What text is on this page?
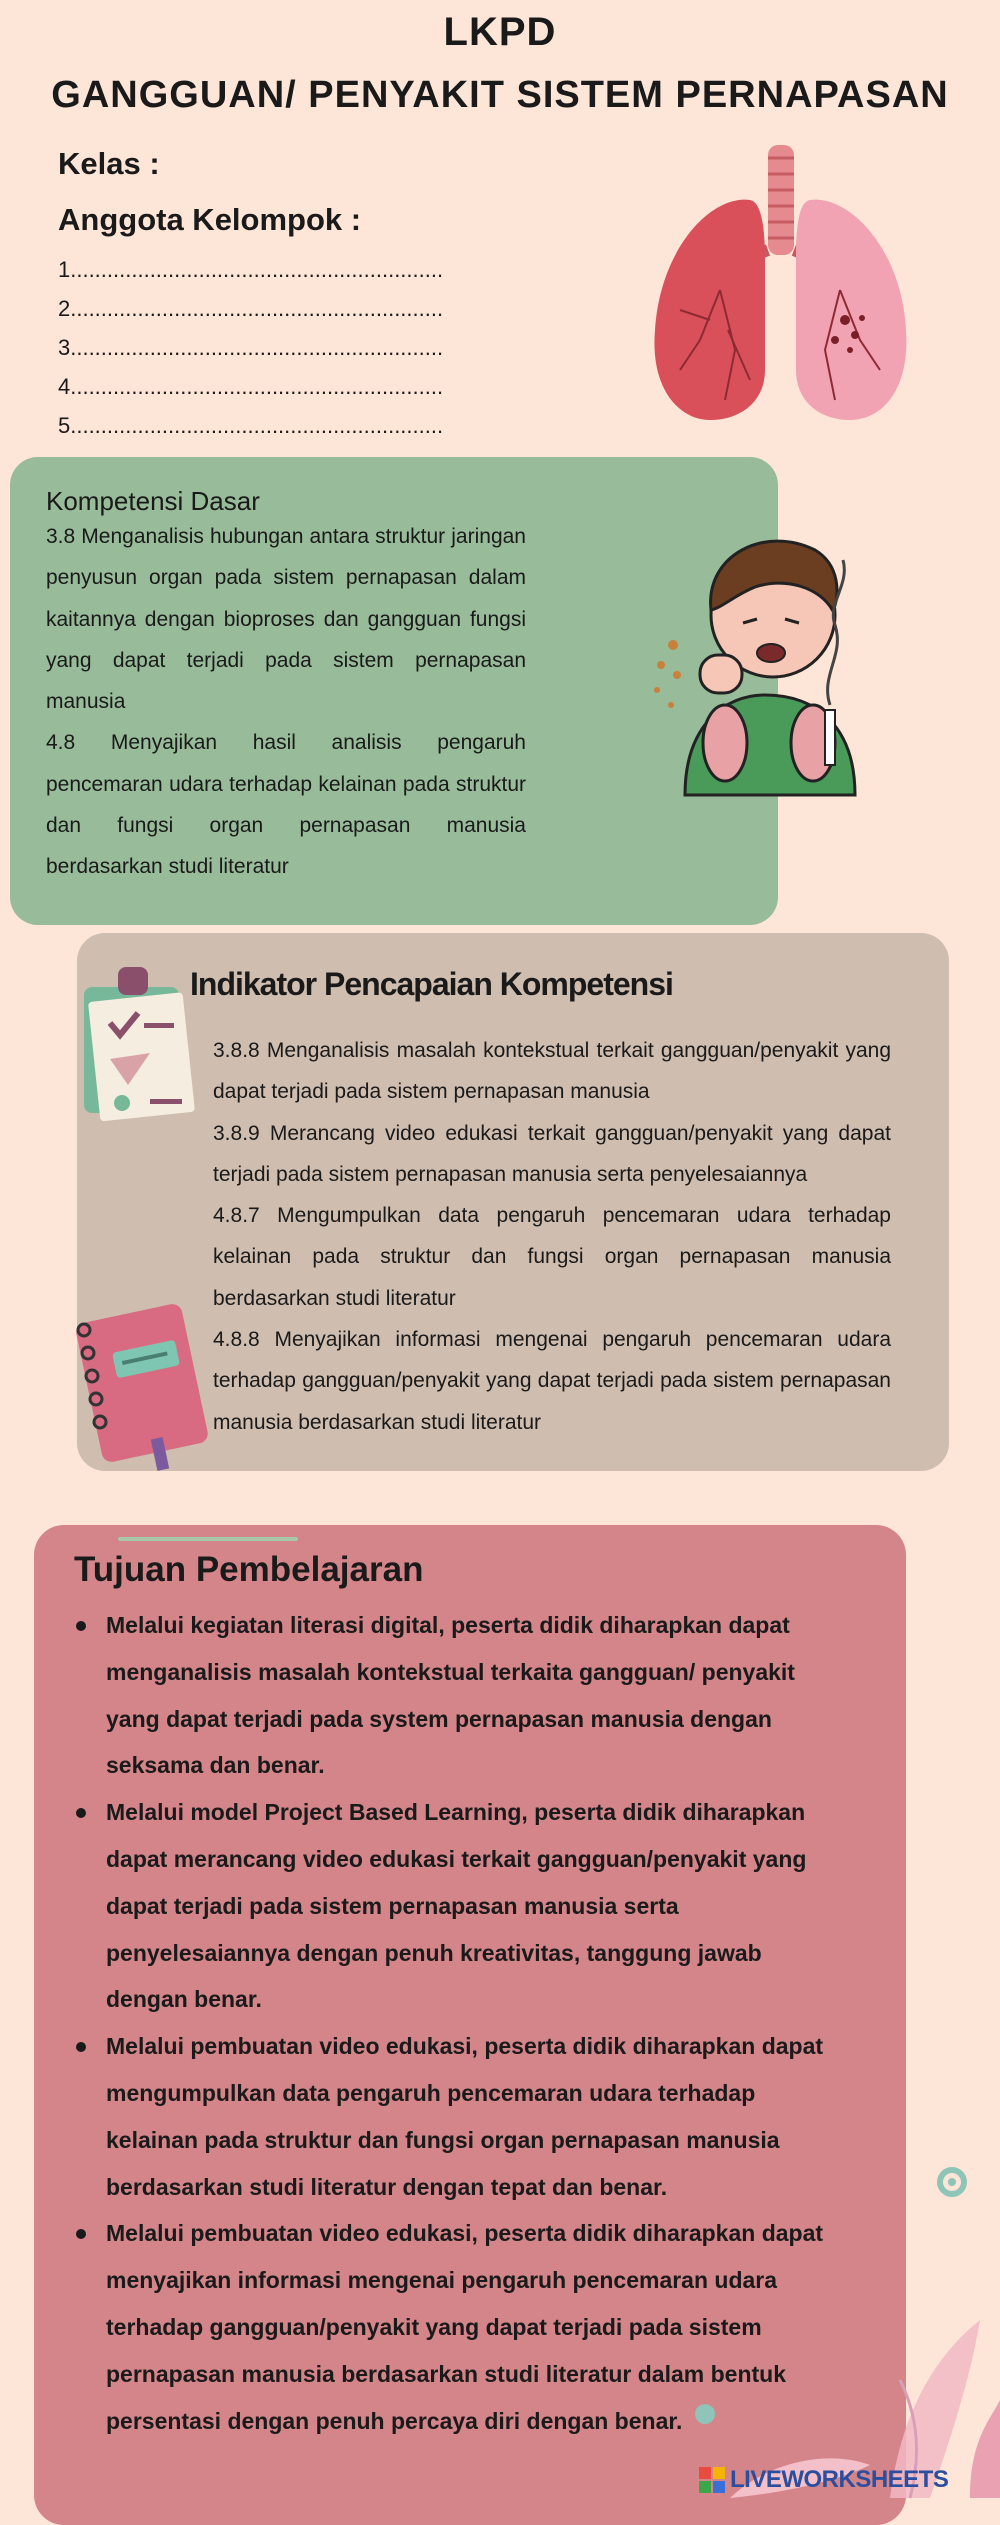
LKPD
GANGGUAN/ PENYAKIT SISTEM PERNAPASAN
Kelas :
Anggota Kelompok :
1.............................................................
2.............................................................
3.............................................................
4.............................................................
5.............................................................
Kompetensi Dasar

3.8 Menganalisis hubungan antara struktur jaringan penyusun organ pada sistem pernapasan dalam kaitannya dengan bioproses dan gangguan fungsi yang dapat terjadi pada sistem pernapasan manusia

4.8 Menyajikan hasil analisis pengaruh pencemaran udara terhadap kelainan pada struktur dan fungsi organ pernapasan manusia berdasarkan studi literatur

Indikator Pencapaian Kompetensi

3.8.8 Menganalisis masalah kontekstual terkait gangguan/penyakit yang dapat terjadi pada sistem pernapasan manusia

3.8.9 Merancang video edukasi terkait gangguan/penyakit yang dapat terjadi pada sistem pernapasan manusia serta penyelesaiannya

4.8.7 Mengumpulkan data pengaruh pencemaran udara terhadap kelainan pada struktur dan fungsi organ pernapasan manusia berdasarkan studi literatur

4.8.8 Menyajikan informasi mengenai pengaruh pencemaran udara terhadap gangguan/penyakit yang dapat terjadi pada sistem pernapasan manusia berdasarkan studi literatur

Tujuan Pembelajaran
Melalui kegiatan literasi digital, peserta didik diharapkan dapat menganalisis masalah kontekstual terkaita gangguan/ penyakit yang dapat terjadi pada system pernapasan manusia dengan seksama dan benar.
Melalui model Project Based Learning, peserta didik diharapkan dapat merancang video edukasi terkait gangguan/penyakit yang dapat terjadi pada sistem pernapasan manusia serta penyelesaiannya dengan penuh kreativitas, tanggung jawab dengan benar.
Melalui pembuatan video edukasi, peserta didik diharapkan dapat mengumpulkan data pengaruh pencemaran udara terhadap kelainan pada struktur dan fungsi organ pernapasan manusia berdasarkan studi literatur dengan tepat dan benar.
Melalui pembuatan video edukasi, peserta didik diharapkan dapat menyajikan informasi mengenai pengaruh pencemaran udara terhadap gangguan/penyakit yang dapat terjadi pada sistem pernapasan manusia berdasarkan studi literatur dalam bentuk persentasi dengan penuh percaya diri dengan benar.
LIVEWORKSHEETS
